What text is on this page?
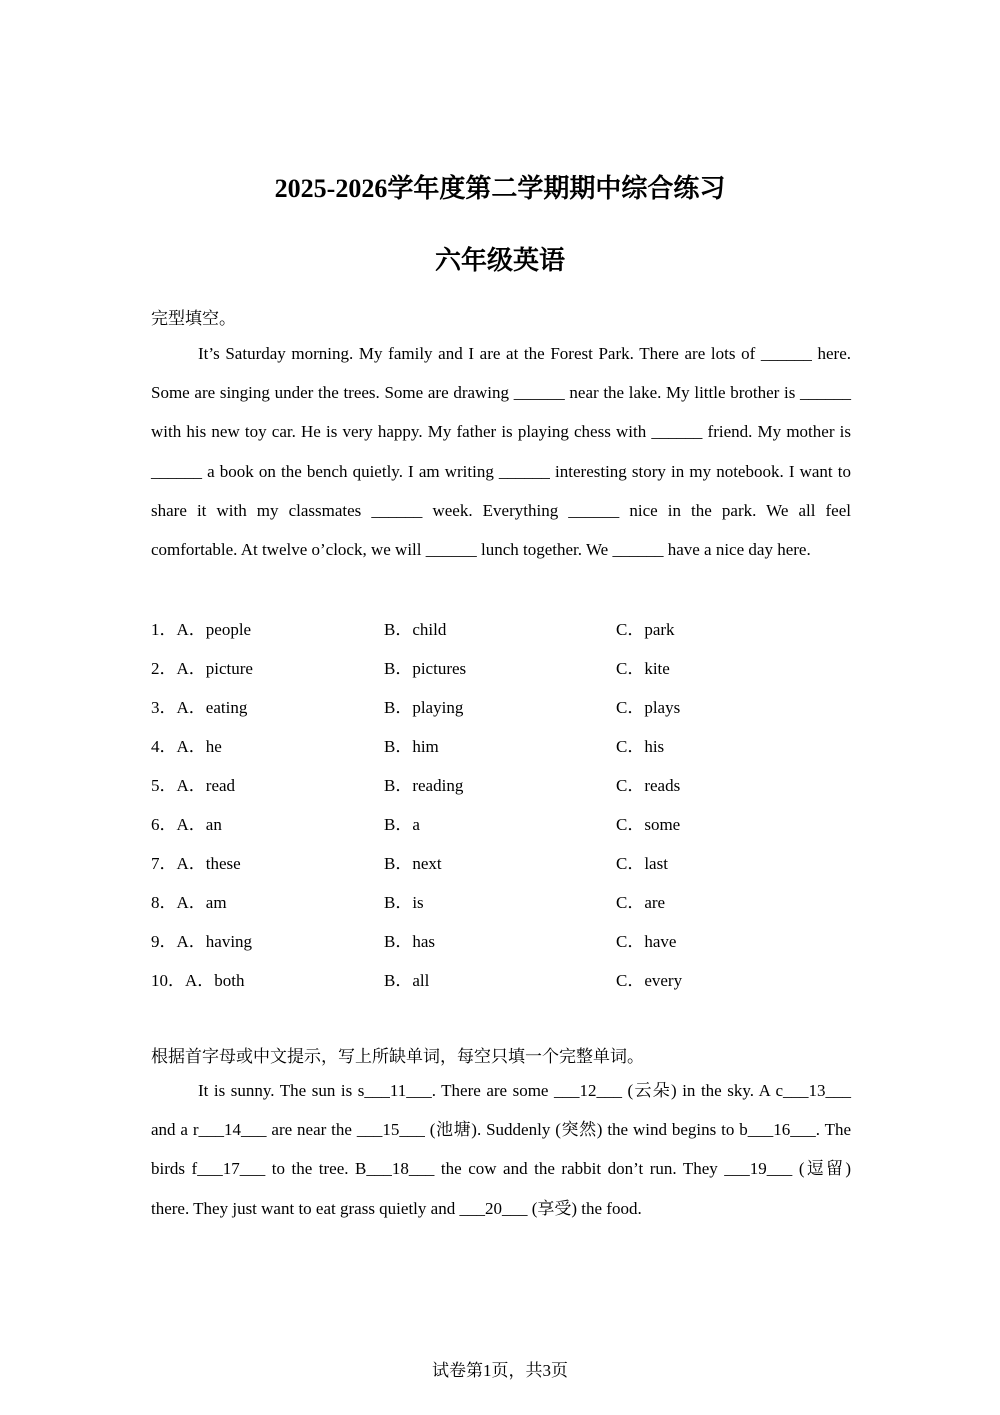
2025-2026学年度第二学期期中综合练习
六年级英语
完型填空。
It’s Saturday morning. My family and I are at the Forest Park. There are lots of ______ here. Some are singing under the trees. Some are drawing ______ near the lake. My little brother is ______ with his new toy car. He is very happy. My father is playing chess with ______ friend. My mother is ______ a book on the bench quietly. I am writing ______ interesting story in my notebook. I want to share it with my classmates ______ week. Everything ______ nice in the park. We all feel comfortable. At twelve o’clock, we will ______ lunch together. We ______ have a nice day here.
1．A．people	B．child	C．park
2．A．picture	B．pictures	C．kite
3．A．eating	B．playing	C．plays
4．A．he	B．him	C．his
5．A．read	B．reading	C．reads
6．A．an	B．a	C．some
7．A．these	B．next	C．last
8．A．am	B．is	C．are
9．A．having	B．has	C．have
10．A．both	B．all	C．every
根据首字母或中文提示，写上所缺单词，每空只填一个完整单词。
It is sunny. The sun is s___11___. There are some ___12___ (云朵) in the sky. A c___13___ and a r___14___ are near the ___15___ (池塘). Suddenly (突然) the wind begins to b___16___. The birds f___17___ to the tree. B___18___ the cow and the rabbit don’t run. They ___19___ (逗留) there. They just want to eat grass quietly and ___20___ (享受) the food.
试卷第1页，共3页
